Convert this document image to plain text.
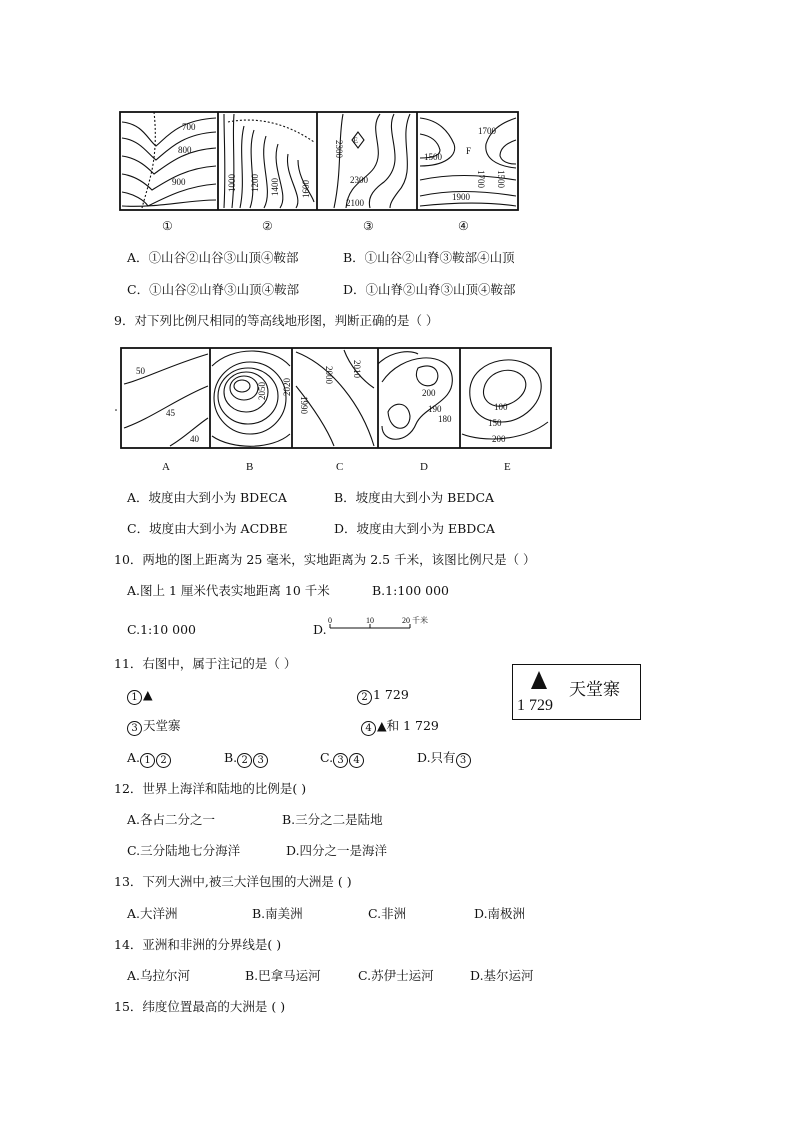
700
800
900	1000 1200 1400 1600
E
2300
2300
2100
1700
1500
F
1700 1500
1900
①	②	③	④
A．①山谷②山谷③山顶④鞍部	B．①山谷②山脊③鞍部④山顶
C．①山谷②山脊③山顶④鞍部	D．①山脊②山脊③山顶④鞍部
9．对下列比例尺相同的等高线地形图，判断正确的是（ ）
50
45
40
2050 2020
2010
2000
1990
200
190
180
100
150
200
A	B	C	D	E
A．坡度由大到小为 BDECA	B．坡度由大到小为 BEDCA
C．坡度由大到小为 ACDBE	D．坡度由大到小为 EBDCA
10．两地的图上距离为 25 毫米，实地距离为 2.5 千米，该图比例尺是（ ）
A.图上 1 厘米代表实地距离 10 千米	B.1:100 000
C.1:10 000	D.
0	10	20 千米
11．右图中，属于注记的是（ ）
1 ▲	2 1 729
3 天堂寨	4 ▲和 1 729
天堂寨
1 729
A. 1 2	B. 2 3	C. 3 4	D.只有 3
12．世界上海洋和陆地的比例是( )
A.各占二分之一	B.三分之二是陆地
C.三分陆地七分海洋	D.四分之一是海洋
13．下列大洲中,被三大洋包围的大洲是 ( )
A.大洋洲	B.南美洲	C.非洲	D.南极洲
14．亚洲和非洲的分界线是( )
A.乌拉尔河	B.巴拿马运河	C.苏伊士运河	D.基尔运河
15．纬度位置最高的大洲是 ( )
